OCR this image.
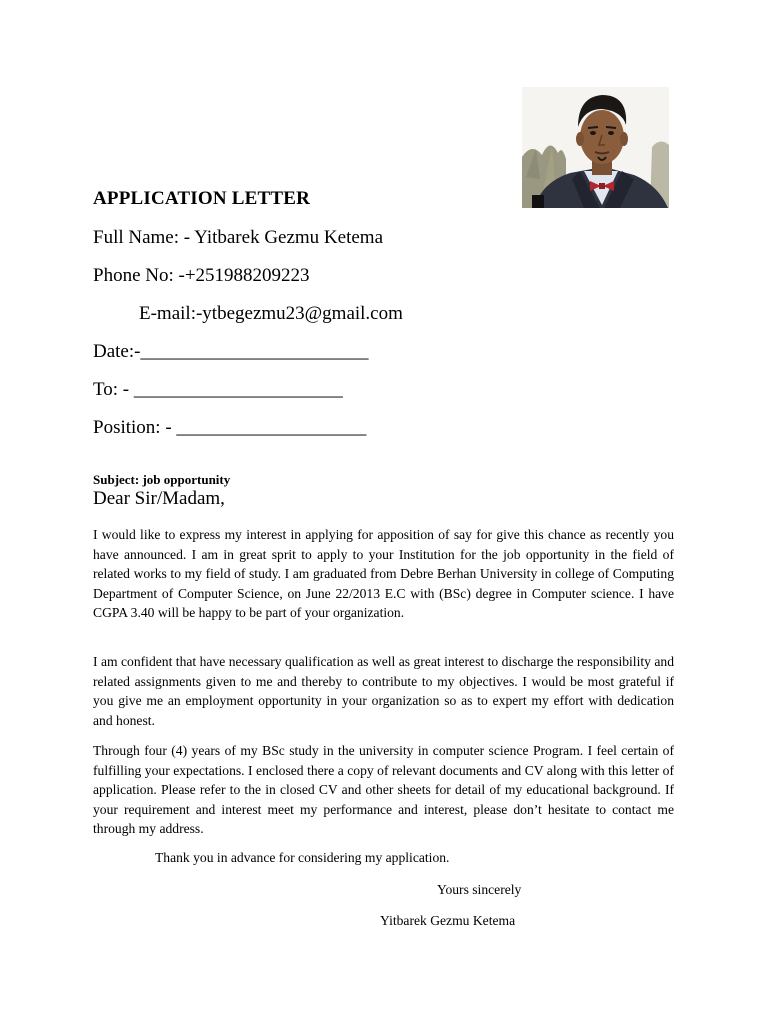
APPLICATION LETTER
Full Name: - Yitbarek Gezmu Ketema
Phone No: -+251988209223
E-mail:-ytbegezmu23@gmail.com
Date:-________________________
To: - ______________________
Position: - ____________________
Subject: job opportunity
Dear Sir/Madam,

I would like to express my interest in applying for apposition of say for give this chance as recently you have announced. I am in great sprit to apply to your Institution for the job opportunity in the field of related works to my field of study. I am graduated from Debre Berhan University in college of Computing Department of Computer Science, on June 22/2013 E.C with (BSc) degree in Computer science. I have CGPA 3.40 will be happy to be part of your organization.

I am confident that have necessary qualification as well as great interest to discharge the responsibility and related assignments given to me and thereby to contribute to my objectives. I would be most grateful if you give me an employment opportunity in your organization so as to expert my effort with dedication and honest.

Through four (4) years of my BSc study in the university in computer science Program. I feel certain of fulfilling your expectations. I enclosed there a copy of relevant documents and CV along with this letter of application. Please refer to the in closed CV and other sheets for detail of my educational background. If your requirement and interest meet my performance and interest, please don’t hesitate to contact me through my address.

Thank you in advance for considering my application.
Yours sincerely
Yitbarek Gezmu Ketema
